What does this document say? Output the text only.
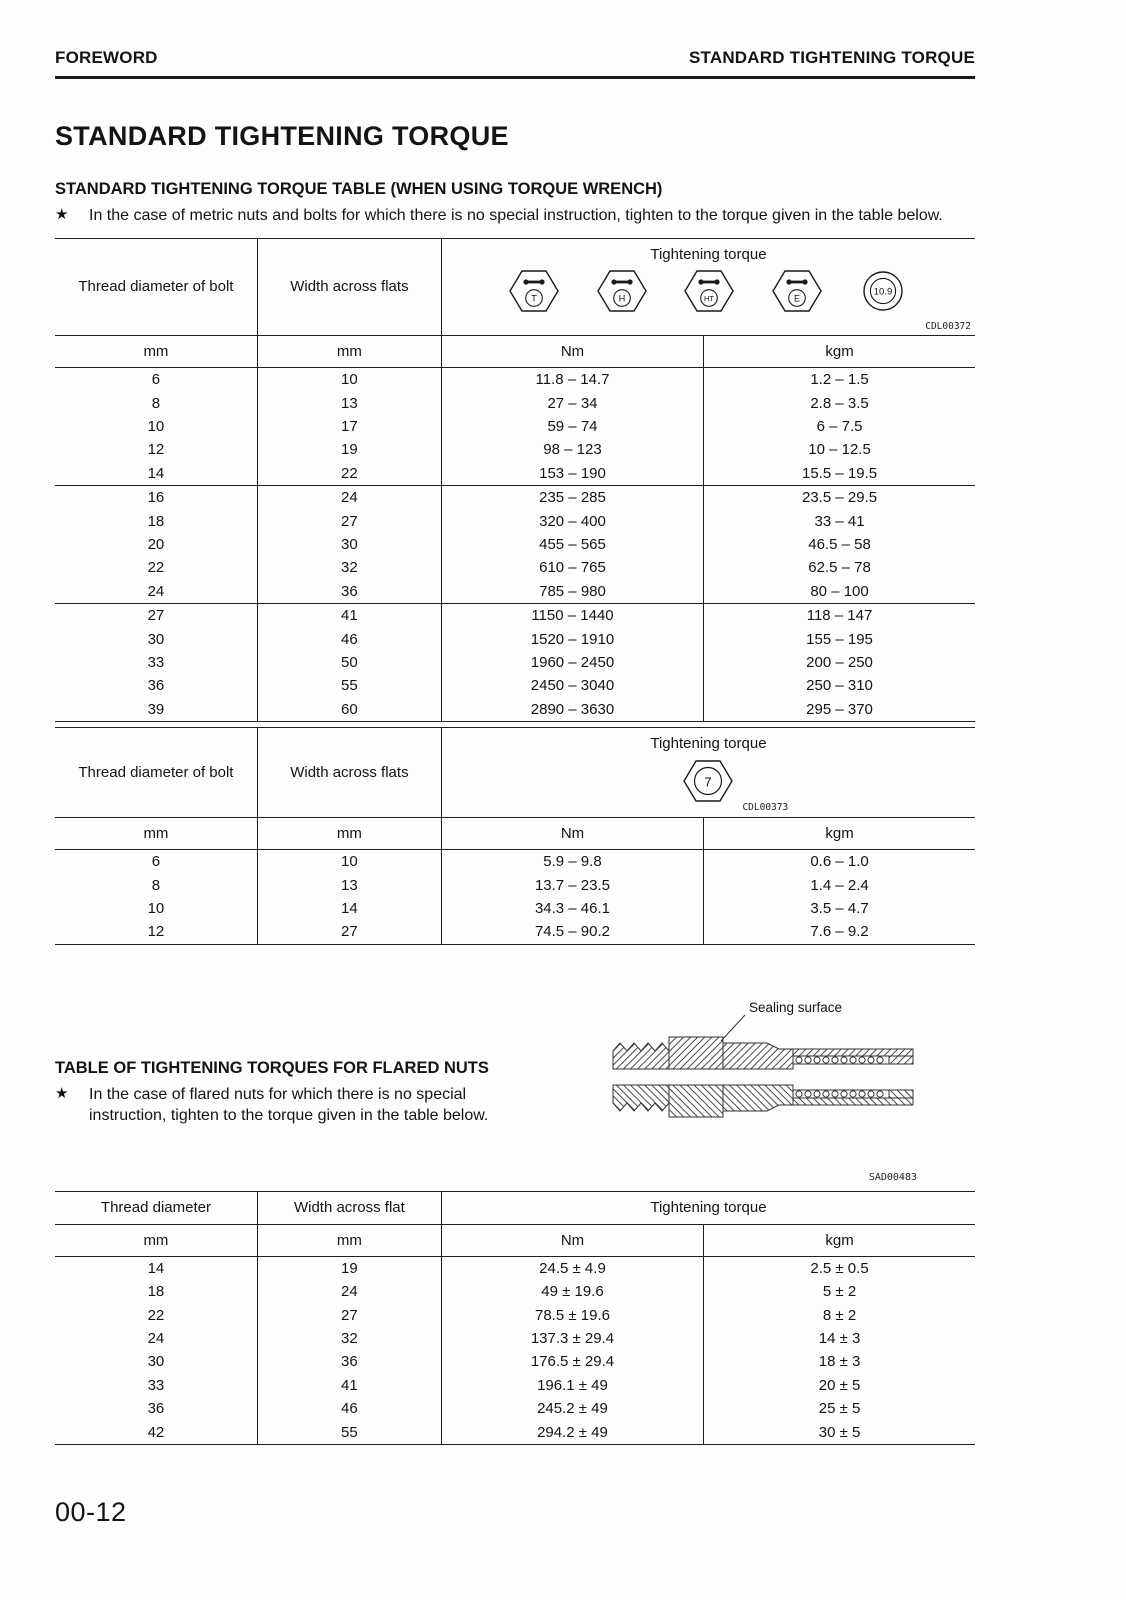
FOREWORD	STANDARD TIGHTENING TORQUE
STANDARD TIGHTENING TORQUE
STANDARD TIGHTENING TORQUE TABLE (WHEN USING TORQUE WRENCH)
★	In the case of metric nuts and bolts for which there is no special instruction, tighten to the torque given in the table below.
Thread diameter of bolt	Width across flats	
Tightening torque
T	H	HT	E
10.9
CDL00372

mm	mm	Nm	kgm
6	10	11.8 – 14.7	1.2 – 1.5
8	13	27 – 34	2.8 – 3.5
10	17	59 – 74	6 – 7.5
12	19	98 – 123	10 – 12.5
14	22	153 – 190	15.5 – 19.5
16	24	235 – 285	23.5 – 29.5
18	27	320 – 400	33 – 41
20	30	455 – 565	46.5 – 58
22	32	610 – 765	62.5 – 78
24	36	785 – 980	80 – 100
27	41	1150 – 1440	118 – 147
30	46	1520 – 1910	155 – 195
33	50	1960 – 2450	200 – 250
36	55	2450 – 3040	250 – 310
39	60	2890 – 3630	295 – 370
Thread diameter of bolt	Width across flats	Tightening torque
7
CDL00373	

mm	mm	Nm	kgm
6	10	5.9 – 9.8	0.6 – 1.0
8	13	13.7 – 23.5	1.4 – 2.4
10	14	34.3 – 46.1	3.5 – 4.7
12	27	74.5 – 90.2	7.6 – 9.2
TABLE OF TIGHTENING TORQUES FOR FLARED NUTS
★	In the case of flared nuts for which there is no special instruction, tighten to the torque given in the table below.
Sealing surface
SAD00483
Thread diameter	Width across flat	Tightening torque	
mm	mm	Nm	kgm
14	19	24.5 ± 4.9	2.5 ± 0.5
18	24	49 ± 19.6	5 ± 2
22	27	78.5 ± 19.6	8 ± 2
24	32	137.3 ± 29.4	14 ± 3
30	36	176.5 ± 29.4	18 ± 3
33	41	196.1 ± 49	20 ± 5
36	46	245.2 ± 49	25 ± 5
42	55	294.2 ± 49	30 ± 5
00-12
